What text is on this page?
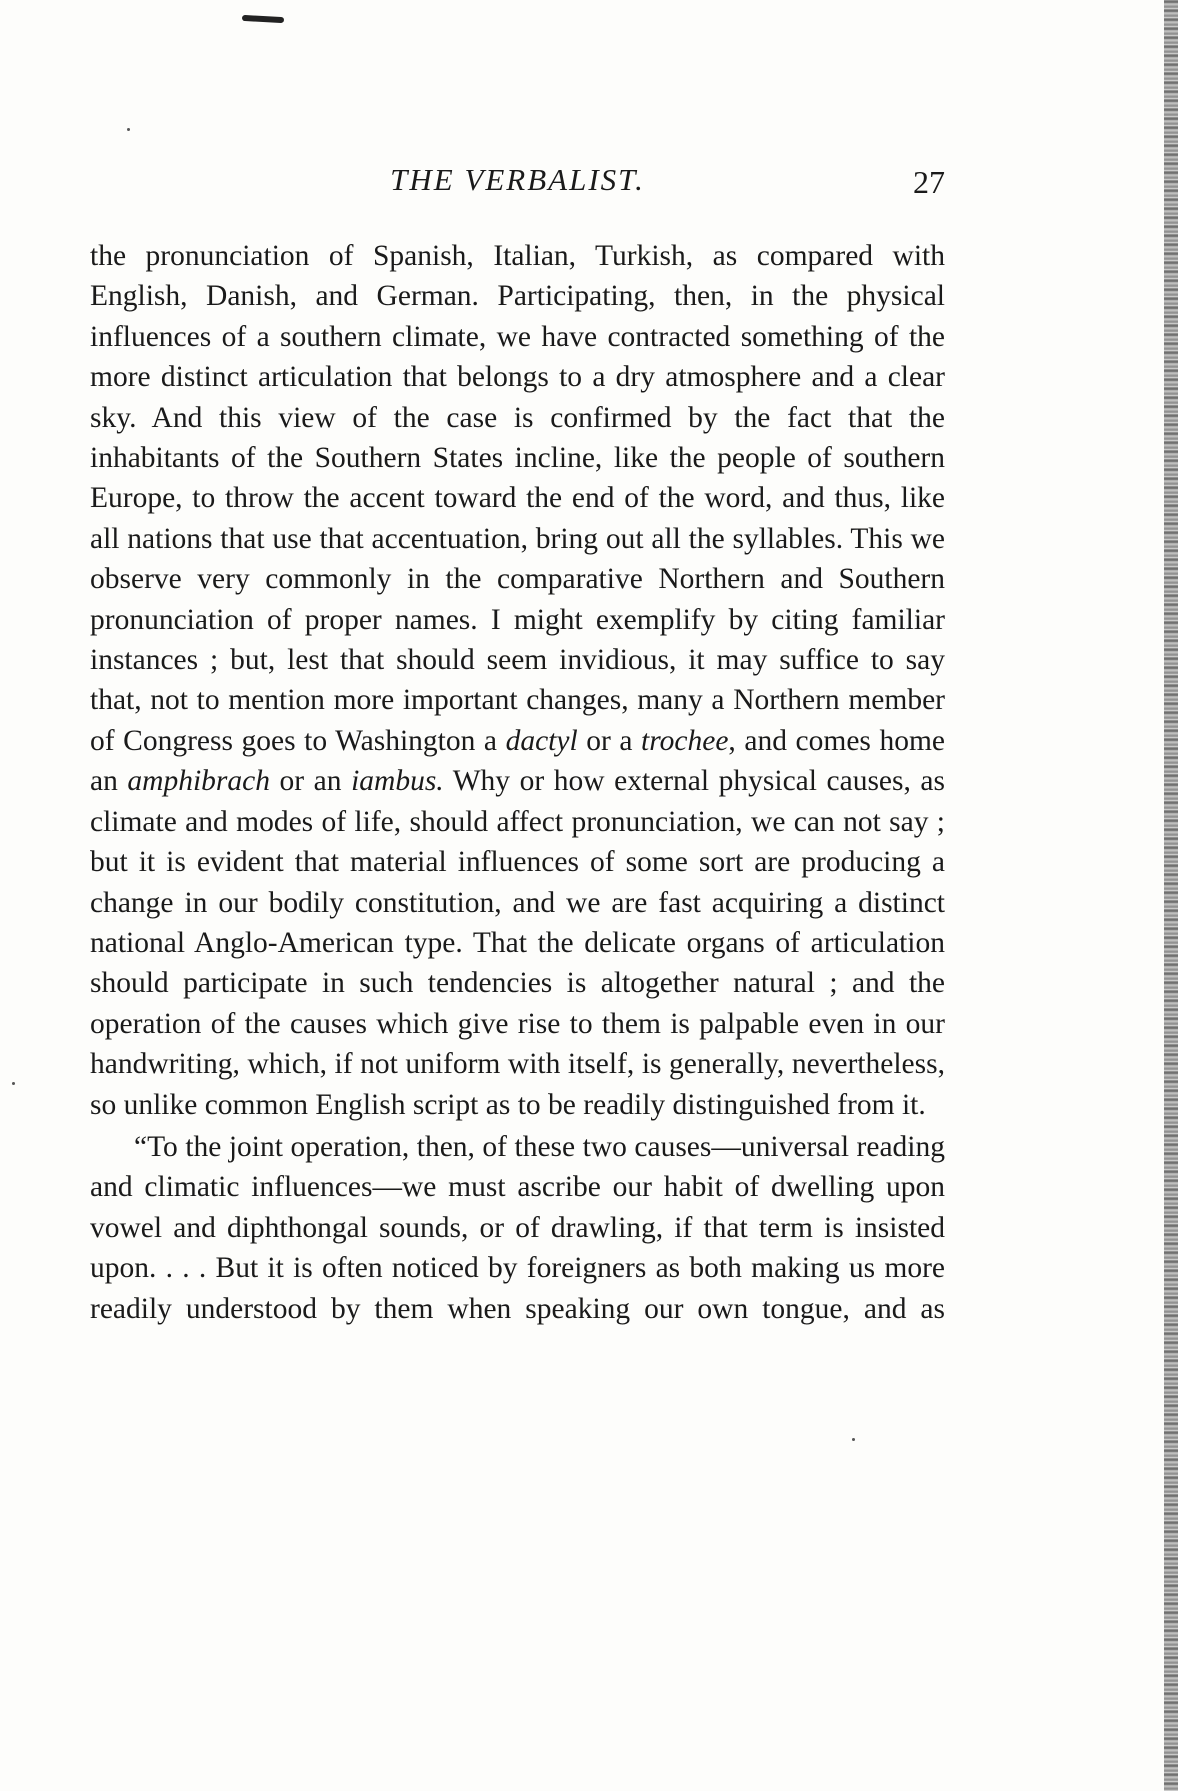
THE VERBALIST.	27

the pronunciation of Spanish, Italian, Turkish, as compared with English, Danish, and German. Participating, then, in the physical influences of a southern climate, we have contracted something of the more distinct articulation that belongs to a dry atmosphere and a clear sky. And this view of the case is confirmed by the fact that the inhabitants of the Southern States incline, like the people of southern Europe, to throw the accent toward the end of the word, and thus, like all nations that use that accentuation, bring out all the syllables. This we observe very commonly in the comparative Northern and Southern pronunciation of proper names. I might exemplify by citing familiar instances ; but, lest that should seem invidious, it may suffice to say that, not to mention more important changes, many a Northern member of Congress goes to Washington a dactyl or a trochee, and comes home an amphibrach or an iambus. Why or how external physical causes, as climate and modes of life, should affect pronunciation, we can not say ; but it is evident that material influences of some sort are producing a change in our bodily constitution, and we are fast acquiring a distinct national Anglo-American type. That the delicate organs of articulation should participate in such tendencies is altogether natural ; and the operation of the causes which give rise to them is palpable even in our handwriting, which, if not uniform with itself, is generally, nevertheless, so unlike common English script as to be readily distinguished from it.

“To the joint operation, then, of these two causes—universal reading and climatic influences—we must ascribe our habit of dwelling upon vowel and diphthongal sounds, or of drawling, if that term is insisted upon. . . . But it is often noticed by foreigners as both making us more readily understood by them when speaking our own tongue, and as
